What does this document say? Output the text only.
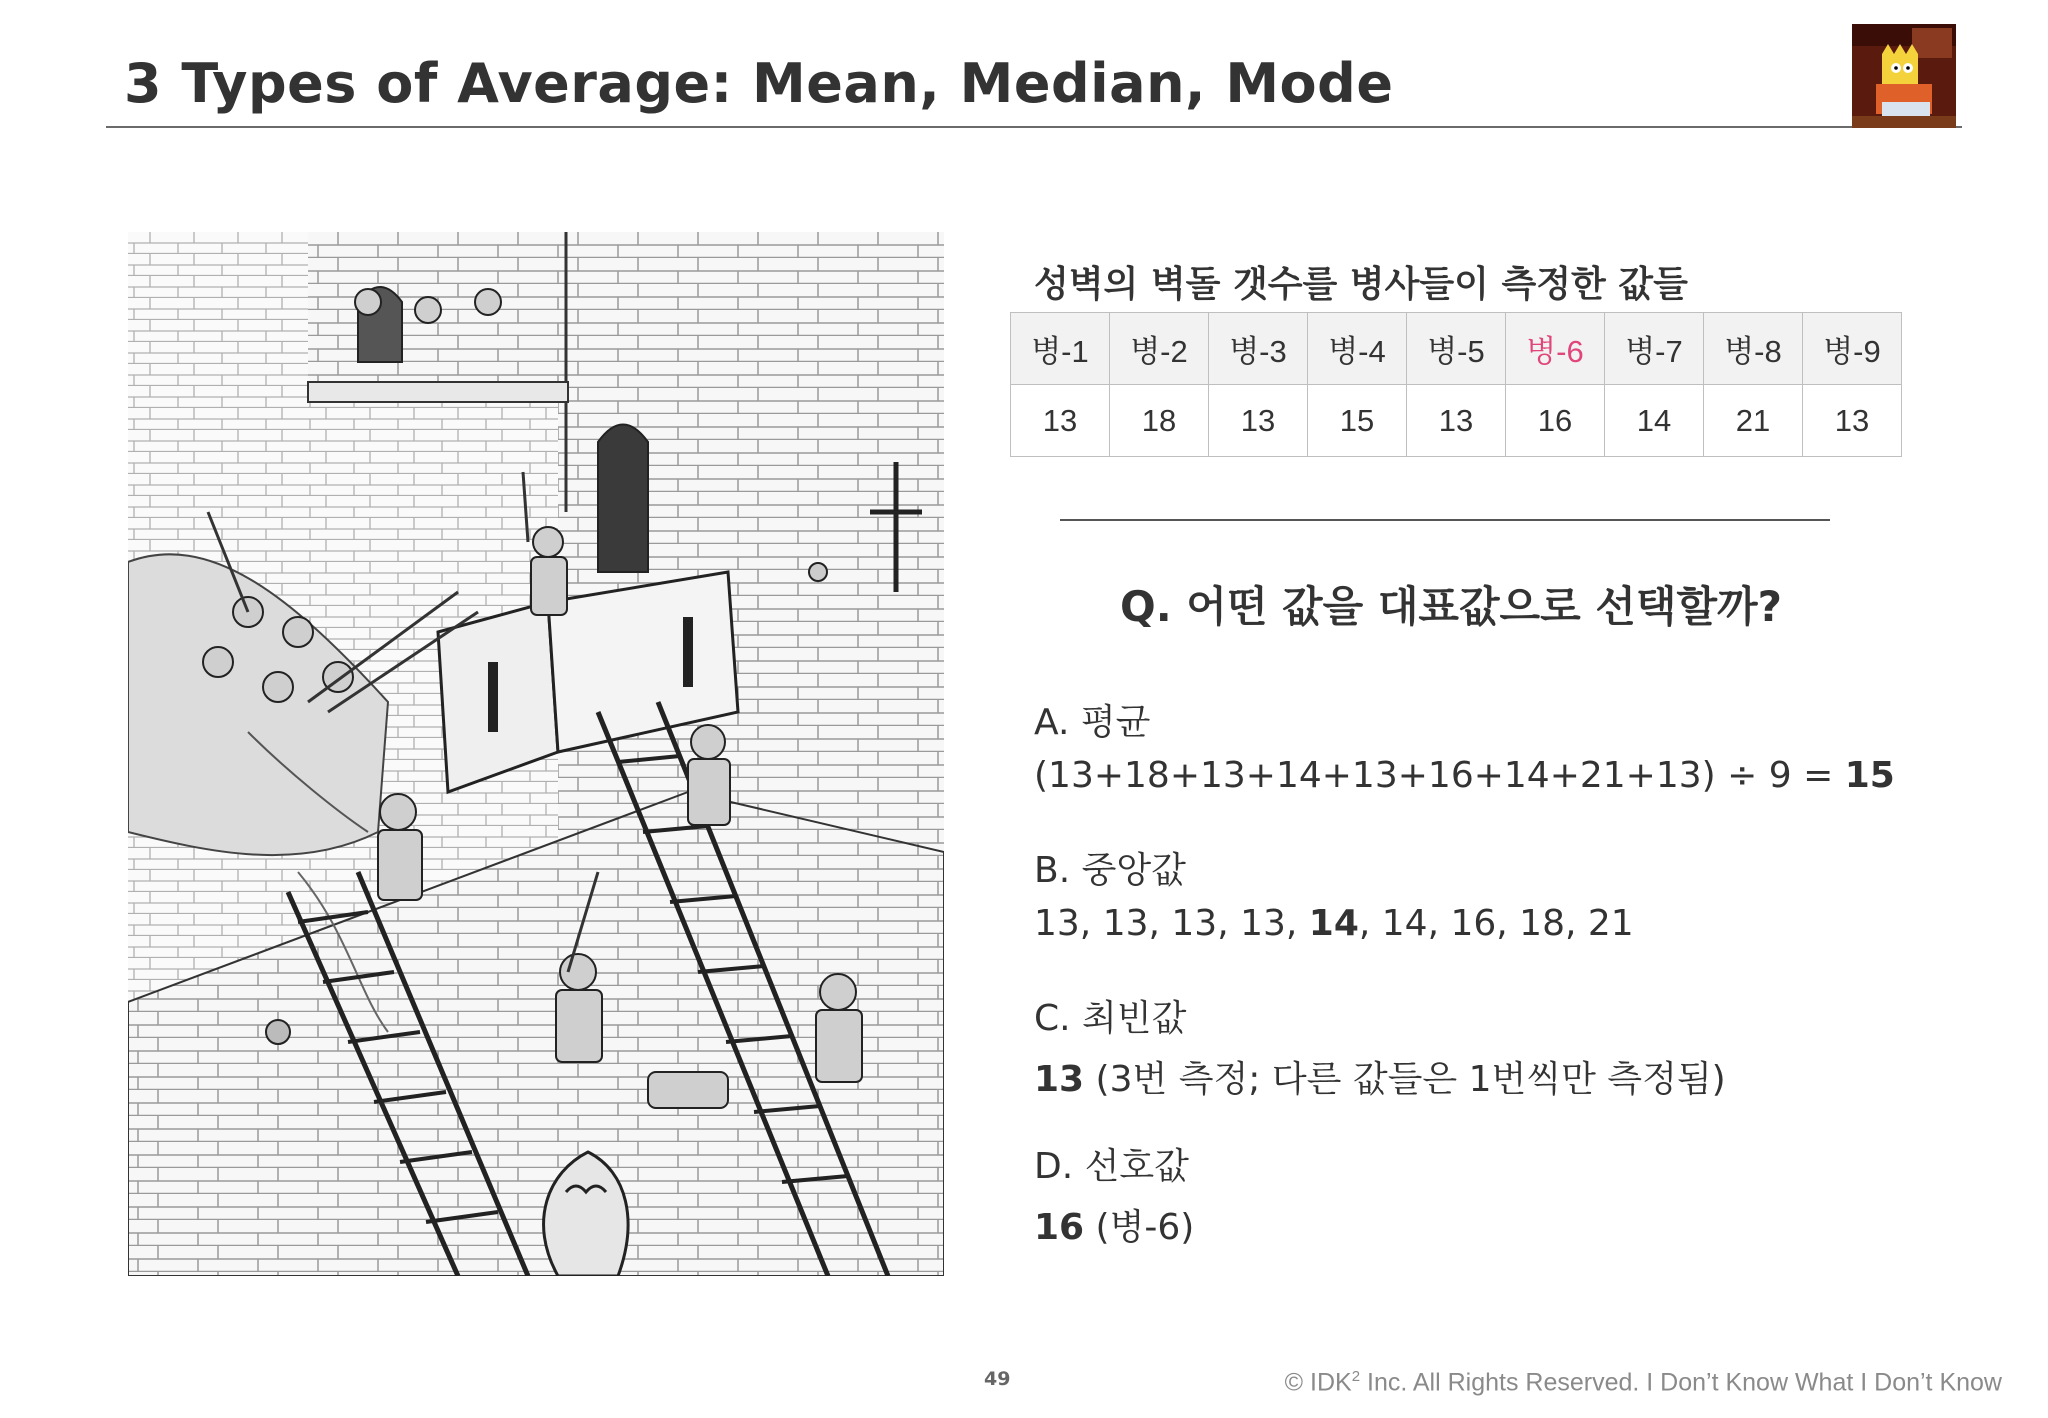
3 Types of Average: Mean, Median, Mode
성벽의 벽돌 갯수를 병사들이 측정한 값들
병-1	병-2	병-3	병-4	병-5	병-6	병-7	병-8	병-9
13	18	13	15	13	16	14	21	13
Q. 어떤 값을 대표값으로 선택할까?
A. 평균
(13+18+13+14+13+16+14+21+13) ÷ 9 = 15
B. 중앙값
13, 13, 13, 13, 14, 14, 16, 18, 21
C. 최빈값
13 (3번 측정; 다른 값들은 1번씩만 측정됨)
D. 선호값
16 (병-6)
49	© IDK$^2$ Inc. All Rights Reserved. I Don’t Know What I Don’t Know
